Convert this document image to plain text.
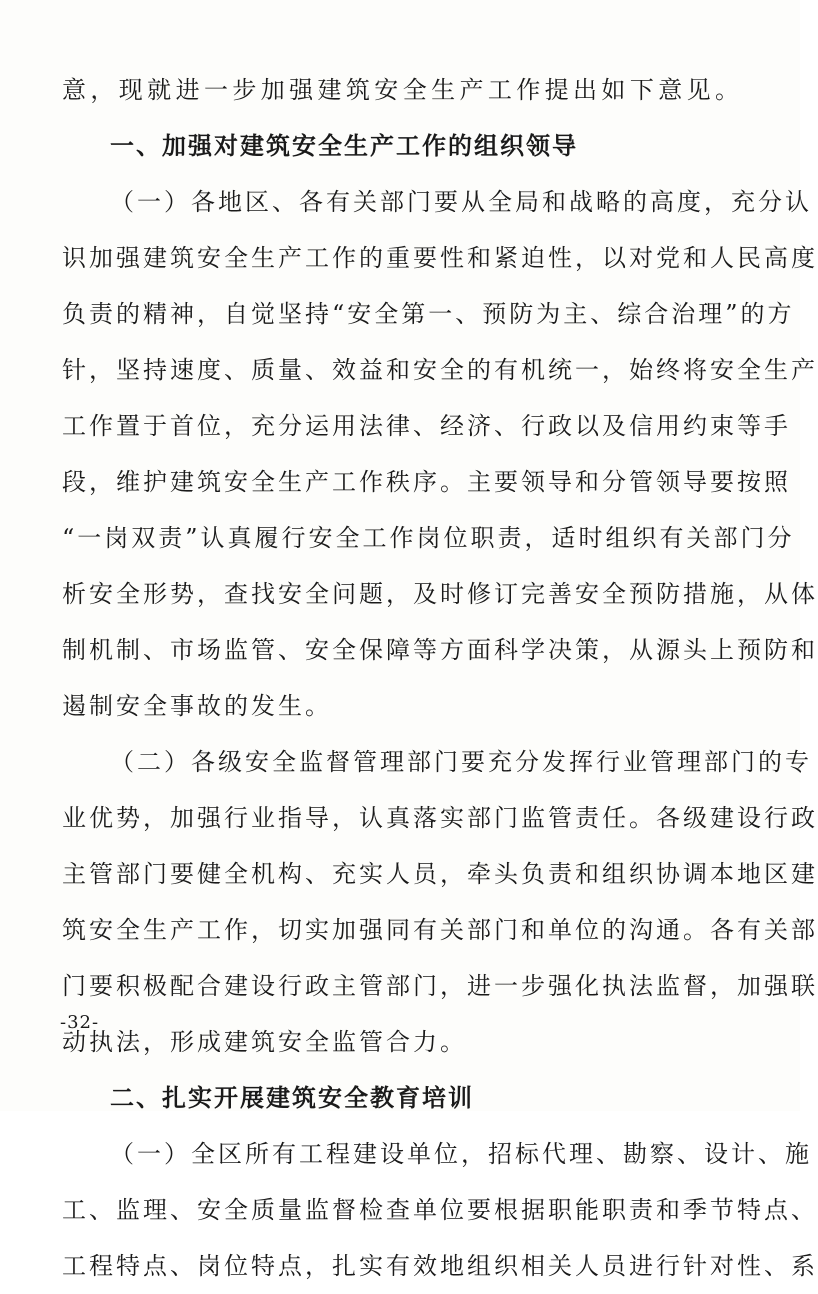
意，现就进一步加强建筑安全生产工作提出如下意见。
一、加强对建筑安全生产工作的组织领导
（一）各地区、各有关部门要从全局和战略的高度，充分认
识加强建筑安全生产工作的重要性和紧迫性，以对党和人民高度
负责的精神，自觉坚持“安全第一、预防为主、综合治理”的方
针，坚持速度、质量、效益和安全的有机统一，始终将安全生产
工作置于首位，充分运用法律、经济、行政以及信用约束等手
段，维护建筑安全生产工作秩序。主要领导和分管领导要按照
“一岗双责”认真履行安全工作岗位职责，适时组织有关部门分
析安全形势，查找安全问题，及时修订完善安全预防措施，从体
制机制、市场监管、安全保障等方面科学决策，从源头上预防和
遏制安全事故的发生。
（二）各级安全监督管理部门要充分发挥行业管理部门的专
业优势，加强行业指导，认真落实部门监管责任。各级建设行政
主管部门要健全机构、充实人员，牵头负责和组织协调本地区建
筑安全生产工作，切实加强同有关部门和单位的沟通。各有关部
门要积极配合建设行政主管部门，进一步强化执法监督，加强联
动执法，形成建筑安全监管合力。
二、扎实开展建筑安全教育培训
（一）全区所有工程建设单位，招标代理、勘察、设计、施
工、监理、安全质量监督检查单位要根据职能职责和季节特点、
工程特点、岗位特点，扎实有效地组织相关人员进行针对性、系
-32-
